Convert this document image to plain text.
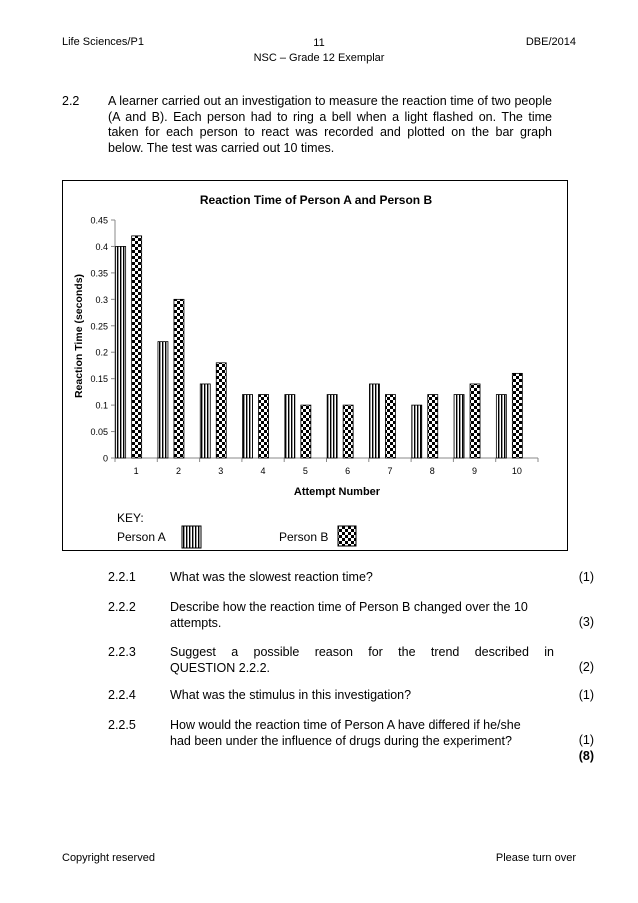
Life Sciences/P1	11
NSC – Grade 12 Exemplar
DBE/2014
2.2 A learner carried out an investigation to measure the reaction time of two people (A and B). Each person had to ring a bell when a light flashed on. The time taken for each person to react was recorded and plotted on the bar graph below. The test was carried out 10 times.
Reaction Time of Person A and Person B
Reaction Time (seconds)
Attempt Number
0
0.05
0.1
0.15
0.2
0.25
0.3
0.35
0.4
0.45
1	2	3	4	5	6	7	8	9	10
KEY:
Person A	Person B
2.2.1	What was the slowest reaction time?	(1)
2.2.2	Describe how the reaction time of Person B changed over the 10
attempts.	(3)
2.2.3	Suggest a possible reason for the trend described in
QUESTION 2.2.2.	(2)
2.2.4	What was the stimulus in this investigation?	(1)
2.2.5	How would the reaction time of Person A have differed if he/she
had been under the influence of drugs during the experiment?	(1)
(8)
Copyright reserved	Please turn over
